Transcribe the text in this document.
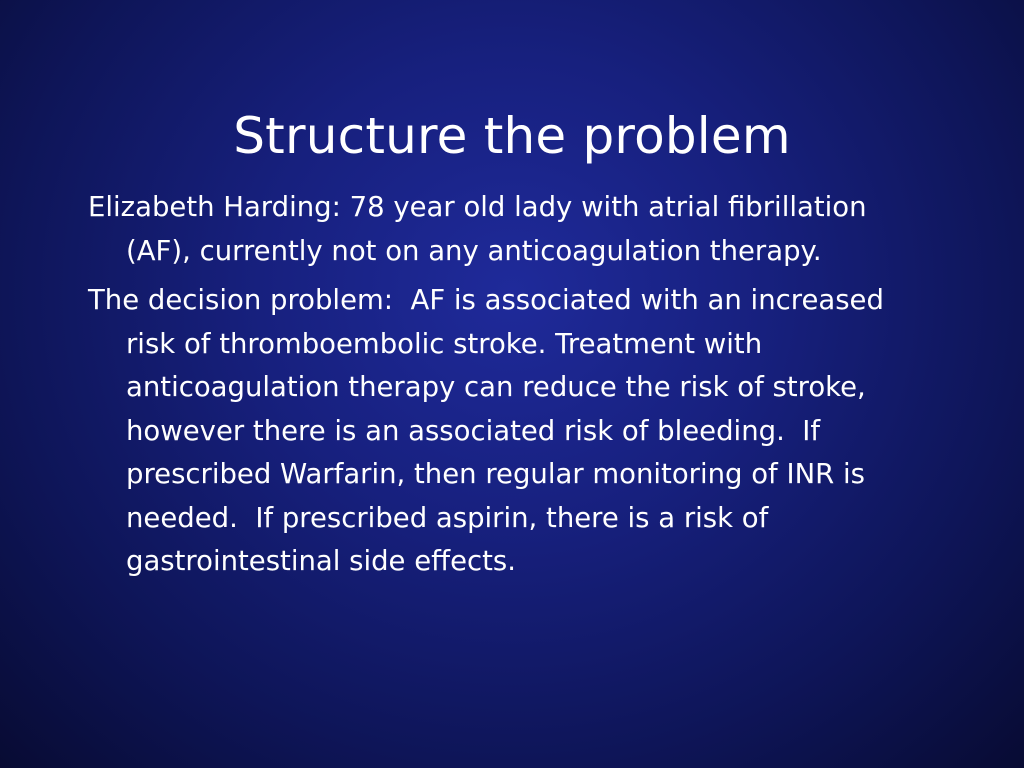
Structure the problem

Elizabeth Harding: 78 year old lady with atrial fibrillation (AF), currently not on any anticoagulation therapy.

The decision problem:  AF is associated with an increased risk of thromboembolic stroke. Treatment with anticoagulation therapy can reduce the risk of stroke, however there is an associated risk of bleeding.  If prescribed Warfarin, then regular monitoring of INR is needed.  If prescribed aspirin, there is a risk of gastrointestinal side effects.
